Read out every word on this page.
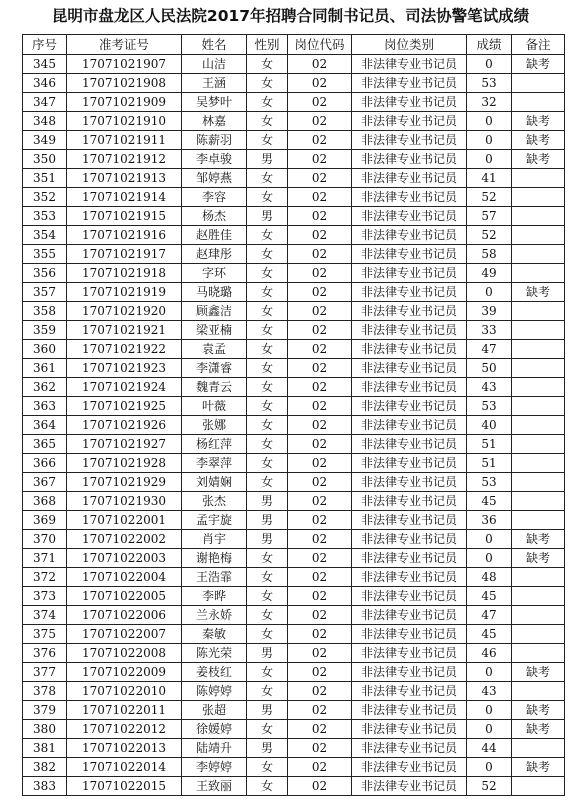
昆明市盘龙区人民法院2017年招聘合同制书记员、司法协警笔试成绩
序号	准考证号	姓名	性别	岗位代码	岗位类别	成绩	备注
345	17071021907	山洁	女	02	非法律专业书记员	0	缺考
346	17071021908	王涵	女	02	非法律专业书记员	53	
347	17071021909	吴梦叶	女	02	非法律专业书记员	32	
348	17071021910	林嘉	女	02	非法律专业书记员	0	缺考
349	17071021911	陈薪羽	女	02	非法律专业书记员	0	缺考
350	17071021912	李卓骏	男	02	非法律专业书记员	0	缺考
351	17071021913	邹婷燕	女	02	非法律专业书记员	41	
352	17071021914	李容	女	02	非法律专业书记员	52	
353	17071021915	杨杰	男	02	非法律专业书记员	57	
354	17071021916	赵胜佳	女	02	非法律专业书记员	52	
355	17071021917	赵珒彤	女	02	非法律专业书记员	58	
356	17071021918	字环	女	02	非法律专业书记员	49	
357	17071021919	马晓璐	女	02	非法律专业书记员	0	缺考
358	17071021920	顾鑫洁	女	02	非法律专业书记员	39	
359	17071021921	梁亚楠	女	02	非法律专业书记员	33	
360	17071021922	袁孟	女	02	非法律专业书记员	47	
361	17071021923	李潇睿	女	02	非法律专业书记员	50	
362	17071021924	魏青云	女	02	非法律专业书记员	43	
363	17071021925	叶薇	女	02	非法律专业书记员	53	
364	17071021926	张娜	女	02	非法律专业书记员	40	
365	17071021927	杨红萍	女	02	非法律专业书记员	51	
366	17071021928	李翠萍	女	02	非法律专业书记员	51	
367	17071021929	刘婧娴	女	02	非法律专业书记员	53	
368	17071021930	张杰	男	02	非法律专业书记员	45	
369	17071022001	孟宇旋	男	02	非法律专业书记员	36	
370	17071022002	肖宇	男	02	非法律专业书记员	0	缺考
371	17071022003	谢艳梅	女	02	非法律专业书记员	0	缺考
372	17071022004	王浩霏	女	02	非法律专业书记员	48	
373	17071022005	李晔	女	02	非法律专业书记员	45	
374	17071022006	兰永娇	女	02	非法律专业书记员	47	
375	17071022007	秦敏	女	02	非法律专业书记员	45	
376	17071022008	陈光荣	男	02	非法律专业书记员	46	
377	17071022009	姜枝红	女	02	非法律专业书记员	0	缺考
378	17071022010	陈婷婷	女	02	非法律专业书记员	43	
379	17071022011	张超	男	02	非法律专业书记员	0	缺考
380	17071022012	徐媛婷	女	02	非法律专业书记员	0	缺考
381	17071022013	陆靖升	男	02	非法律专业书记员	44	
382	17071022014	李婷婷	女	02	非法律专业书记员	0	缺考
383	17071022015	王致丽	女	02	非法律专业书记员	52	
